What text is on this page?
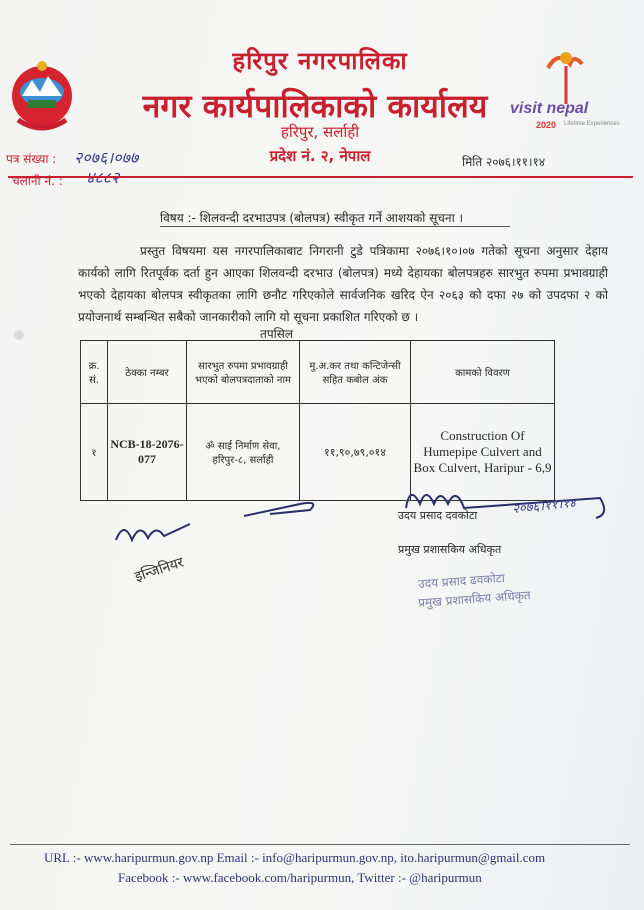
हरिपुर नगरपालिका
नगर कार्यपालिकाको कार्यालय
हरिपुर, सर्लाही
प्रदेश नं. २, नेपाल
visit nepal
2020 Lifetime Experiences
पत्र संख्या : २०७६।०७७
चलानी नं. : ४८८२
मिति २०७६।११।१४
विषय :- शिलवन्दी दरभाउपत्र (बोलपत्र) स्वीकृत गर्ने आशयको सूचना ।
प्रस्तुत विषयमा यस नगरपालिकाबाट निगरानी टुडे पत्रिकामा २०७६।१०।०७ गतेको सूचना अनुसार देहाय कार्यको लागि रितपूर्वक दर्ता हुन आएका शिलवन्दी दरभाउ (बोलपत्र) मध्ये देहायका बोलपत्रहरु सारभुत रुपमा प्रभावग्राही भएको देहायका बोलपत्र स्वीकृतका लागि छनौट गरिएकोले सार्वजनिक खरिद ऐन २०६३ को दफा २७ को उपदफा २ को प्रयोजनार्थ सम्बन्धित सबैको जानकारीको लागि यो सूचना प्रकाशित गरिएको छ ।
तपसिल
क्र. सं.	ठेक्का नम्बर	सारभुत रुपमा प्रभावग्राही भएको बोलपत्रदाताको नाम	मु.अ.कर तथा कन्टिजेन्सी सहित कबोल अंक	कामको विवरण
१	NCB-18-2076-077	ॐ साई निर्माण सेवा, हरिपुर-८, सर्लाही	११,९०,७९,०१४	Construction Of Humepipe Culvert and Box Culvert, Haripur - 6,9
२०७६।११।१४
उदय प्रसाद दवकोटा
प्रमुख प्रशासकिय अधिकृत
इन्जिनियर	उदय प्रसाद ढवकोटा
प्रमुख प्रशासकिय अधिकृत
URL :- www.haripurmun.gov.np Email :- info@haripurmun.gov.np, ito.haripurmun@gmail.com
Facebook :- www.facebook.com/haripurmun, Twitter :- @haripurmun
